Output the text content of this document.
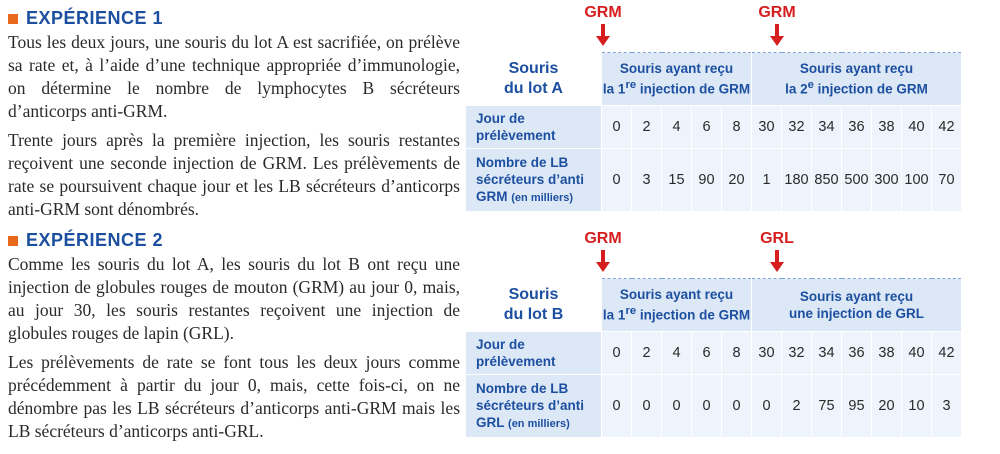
EXPÉRIENCE 1

Tous les deux jours, une souris du lot A est sacrifiée, on prélève sa rate et, à l’aide d’une technique appropriée d’immunologie, on détermine le nombre de lymphocytes B sécréteurs d’anticorps anti-GRM.

Trente jours après la première injection, les souris restantes reçoivent une seconde injection de GRM. Les prélèvements de rate se poursuivent chaque jour et les LB sécréteurs d’anticorps anti-GRM sont dénombrés.

EXPÉRIENCE 2

Comme les souris du lot A, les souris du lot B ont reçu une injection de globules rouges de mouton (GRM) au jour 0, mais, au jour 30, les souris restantes reçoivent une injection de globules rouges de lapin (GRL).

Les prélèvements de rate se font tous les deux jours comme précédemment à partir du jour 0, mais, cette fois-ci, on ne dénombre pas les LB sécréteurs d’anticorps anti-GRM mais les LB sécréteurs d’anticorps anti-GRL.

GRM	GRM
Souris
du lot A	Souris ayant reçu
la 1re injection de GRM					Souris ayant reçu
la 2e injection de GRM						
Jour de
prélèvement	0	2	4	6	8	30	32	34	36	38	40	42
Nombre de LB
sécréteurs d’anti
GRM (en milliers)	0	3	15	90	20	1	180	850	500	300	100	70
GRM	GRL
Souris
du lot B	Souris ayant reçu
la 1re injection de GRM					Souris ayant reçu
une injection de GRL						
Jour de
prélèvement	0	2	4	6	8	30	32	34	36	38	40	42
Nombre de LB
sécréteurs d’anti
GRL (en milliers)	0	0	0	0	0	0	2	75	95	20	10	3
